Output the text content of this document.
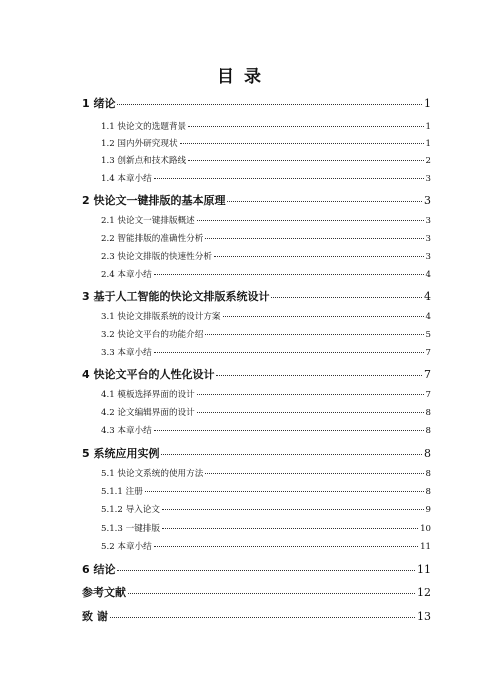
目 录
1 绪论	1
1.1 快论文的选题背景	1
1.2 国内外研究现状	1
1.3 创新点和技术路线	2
1.4 本章小结	3
2 快论文一键排版的基本原理	3
2.1 快论文一键排版概述	3
2.2 智能排版的准确性分析	3
2.3 快论文排版的快速性分析	3
2.4 本章小结	4
3 基于人工智能的快论文排版系统设计	4
3.1 快论文排版系统的设计方案	4
3.2 快论文平台的功能介绍	5
3.3 本章小结	7
4 快论文平台的人性化设计	7
4.1 模板选择界面的设计	7
4.2 论文编辑界面的设计	8
4.3 本章小结	8
5 系统应用实例	8
5.1 快论文系统的使用方法	8
5.1.1 注册	8
5.1.2 导入论文	9
5.1.3 一键排版	10
5.2 本章小结	11
6 结论	11
参考文献	12
致 谢	13
